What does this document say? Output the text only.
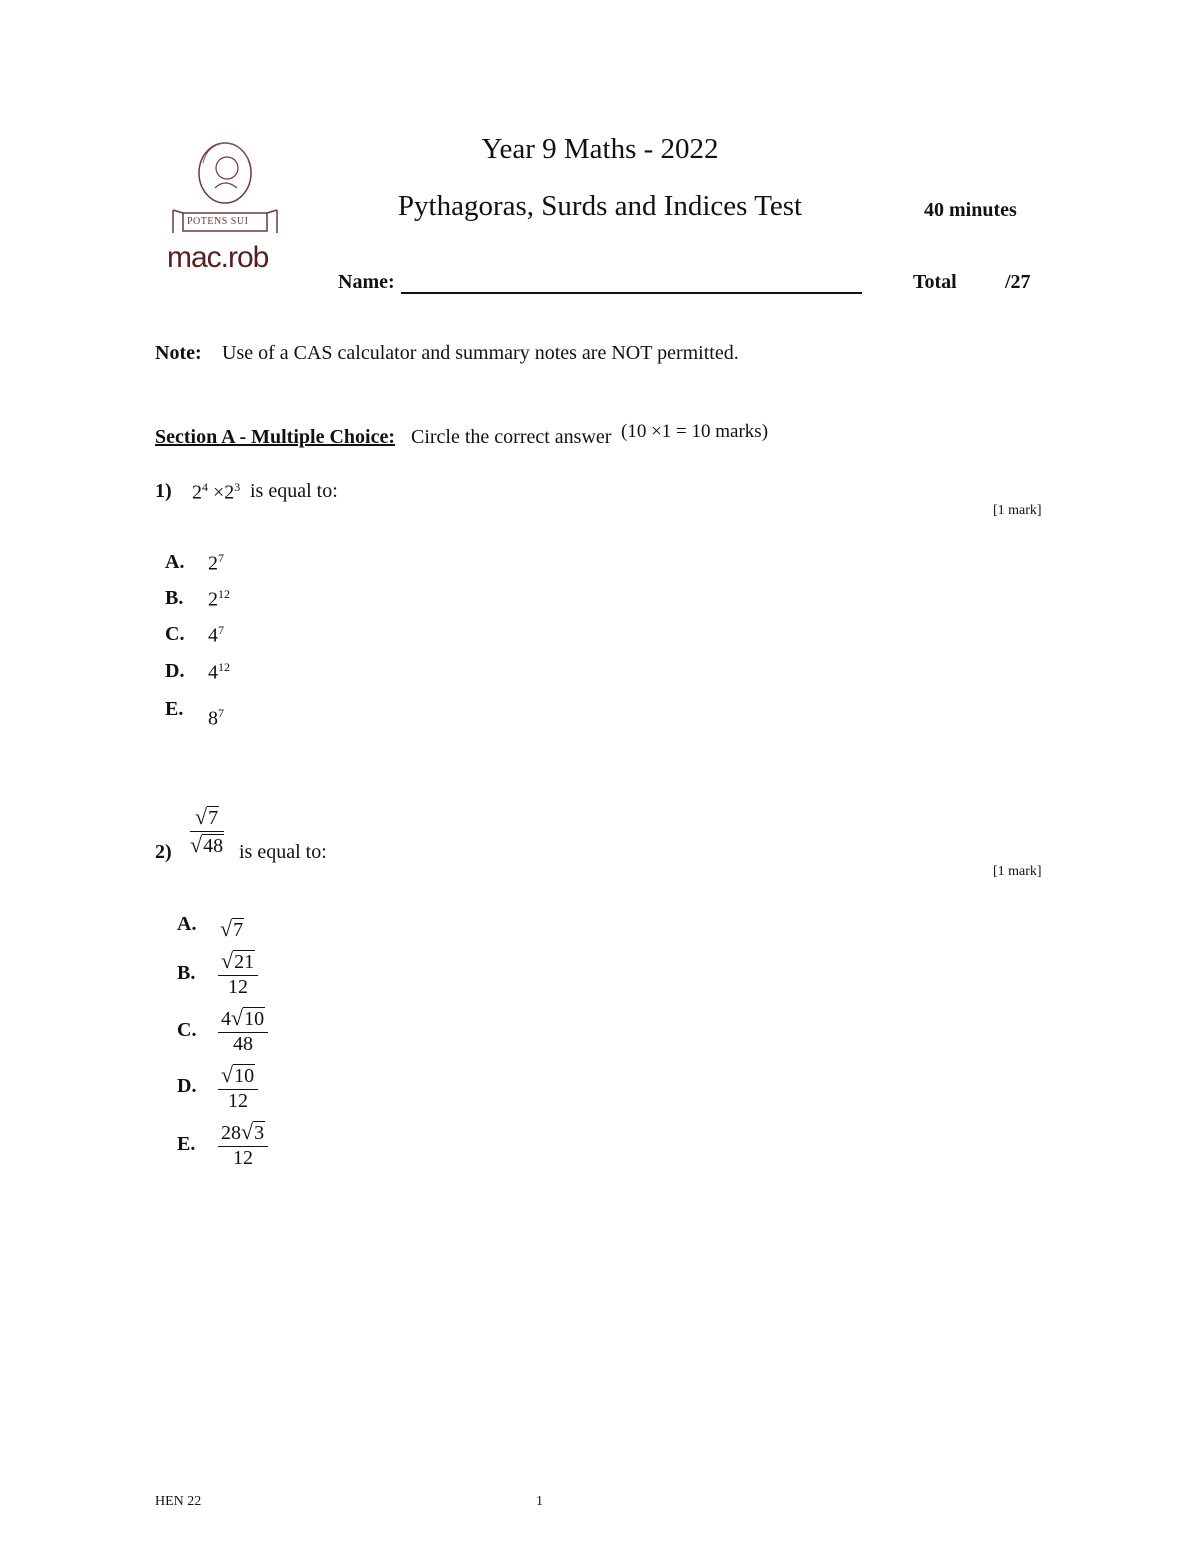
POTENS SUI
mac.rob
Year 9 Maths - 2022
Pythagoras, Surds and Indices Test	40 minutes
Name:	Total /27
Note: Use of a CAS calculator and summary notes are NOT permitted.
Section A - Multiple Choice: Circle the correct answer (10 ×1 = 10 marks)
1) $2^4 \times 2^3$ is equal to:
[1 mark]
A. $2^7$
B. $2^{12}$
C. $4^7$
D. $4^{12}$
E. $8^7$
√7
√48
2)	is equal to:
[1 mark]
A. √7
B. √21
12
C. 4√10
48
D. √10
12
E. 28√3
12
HEN 22	1
